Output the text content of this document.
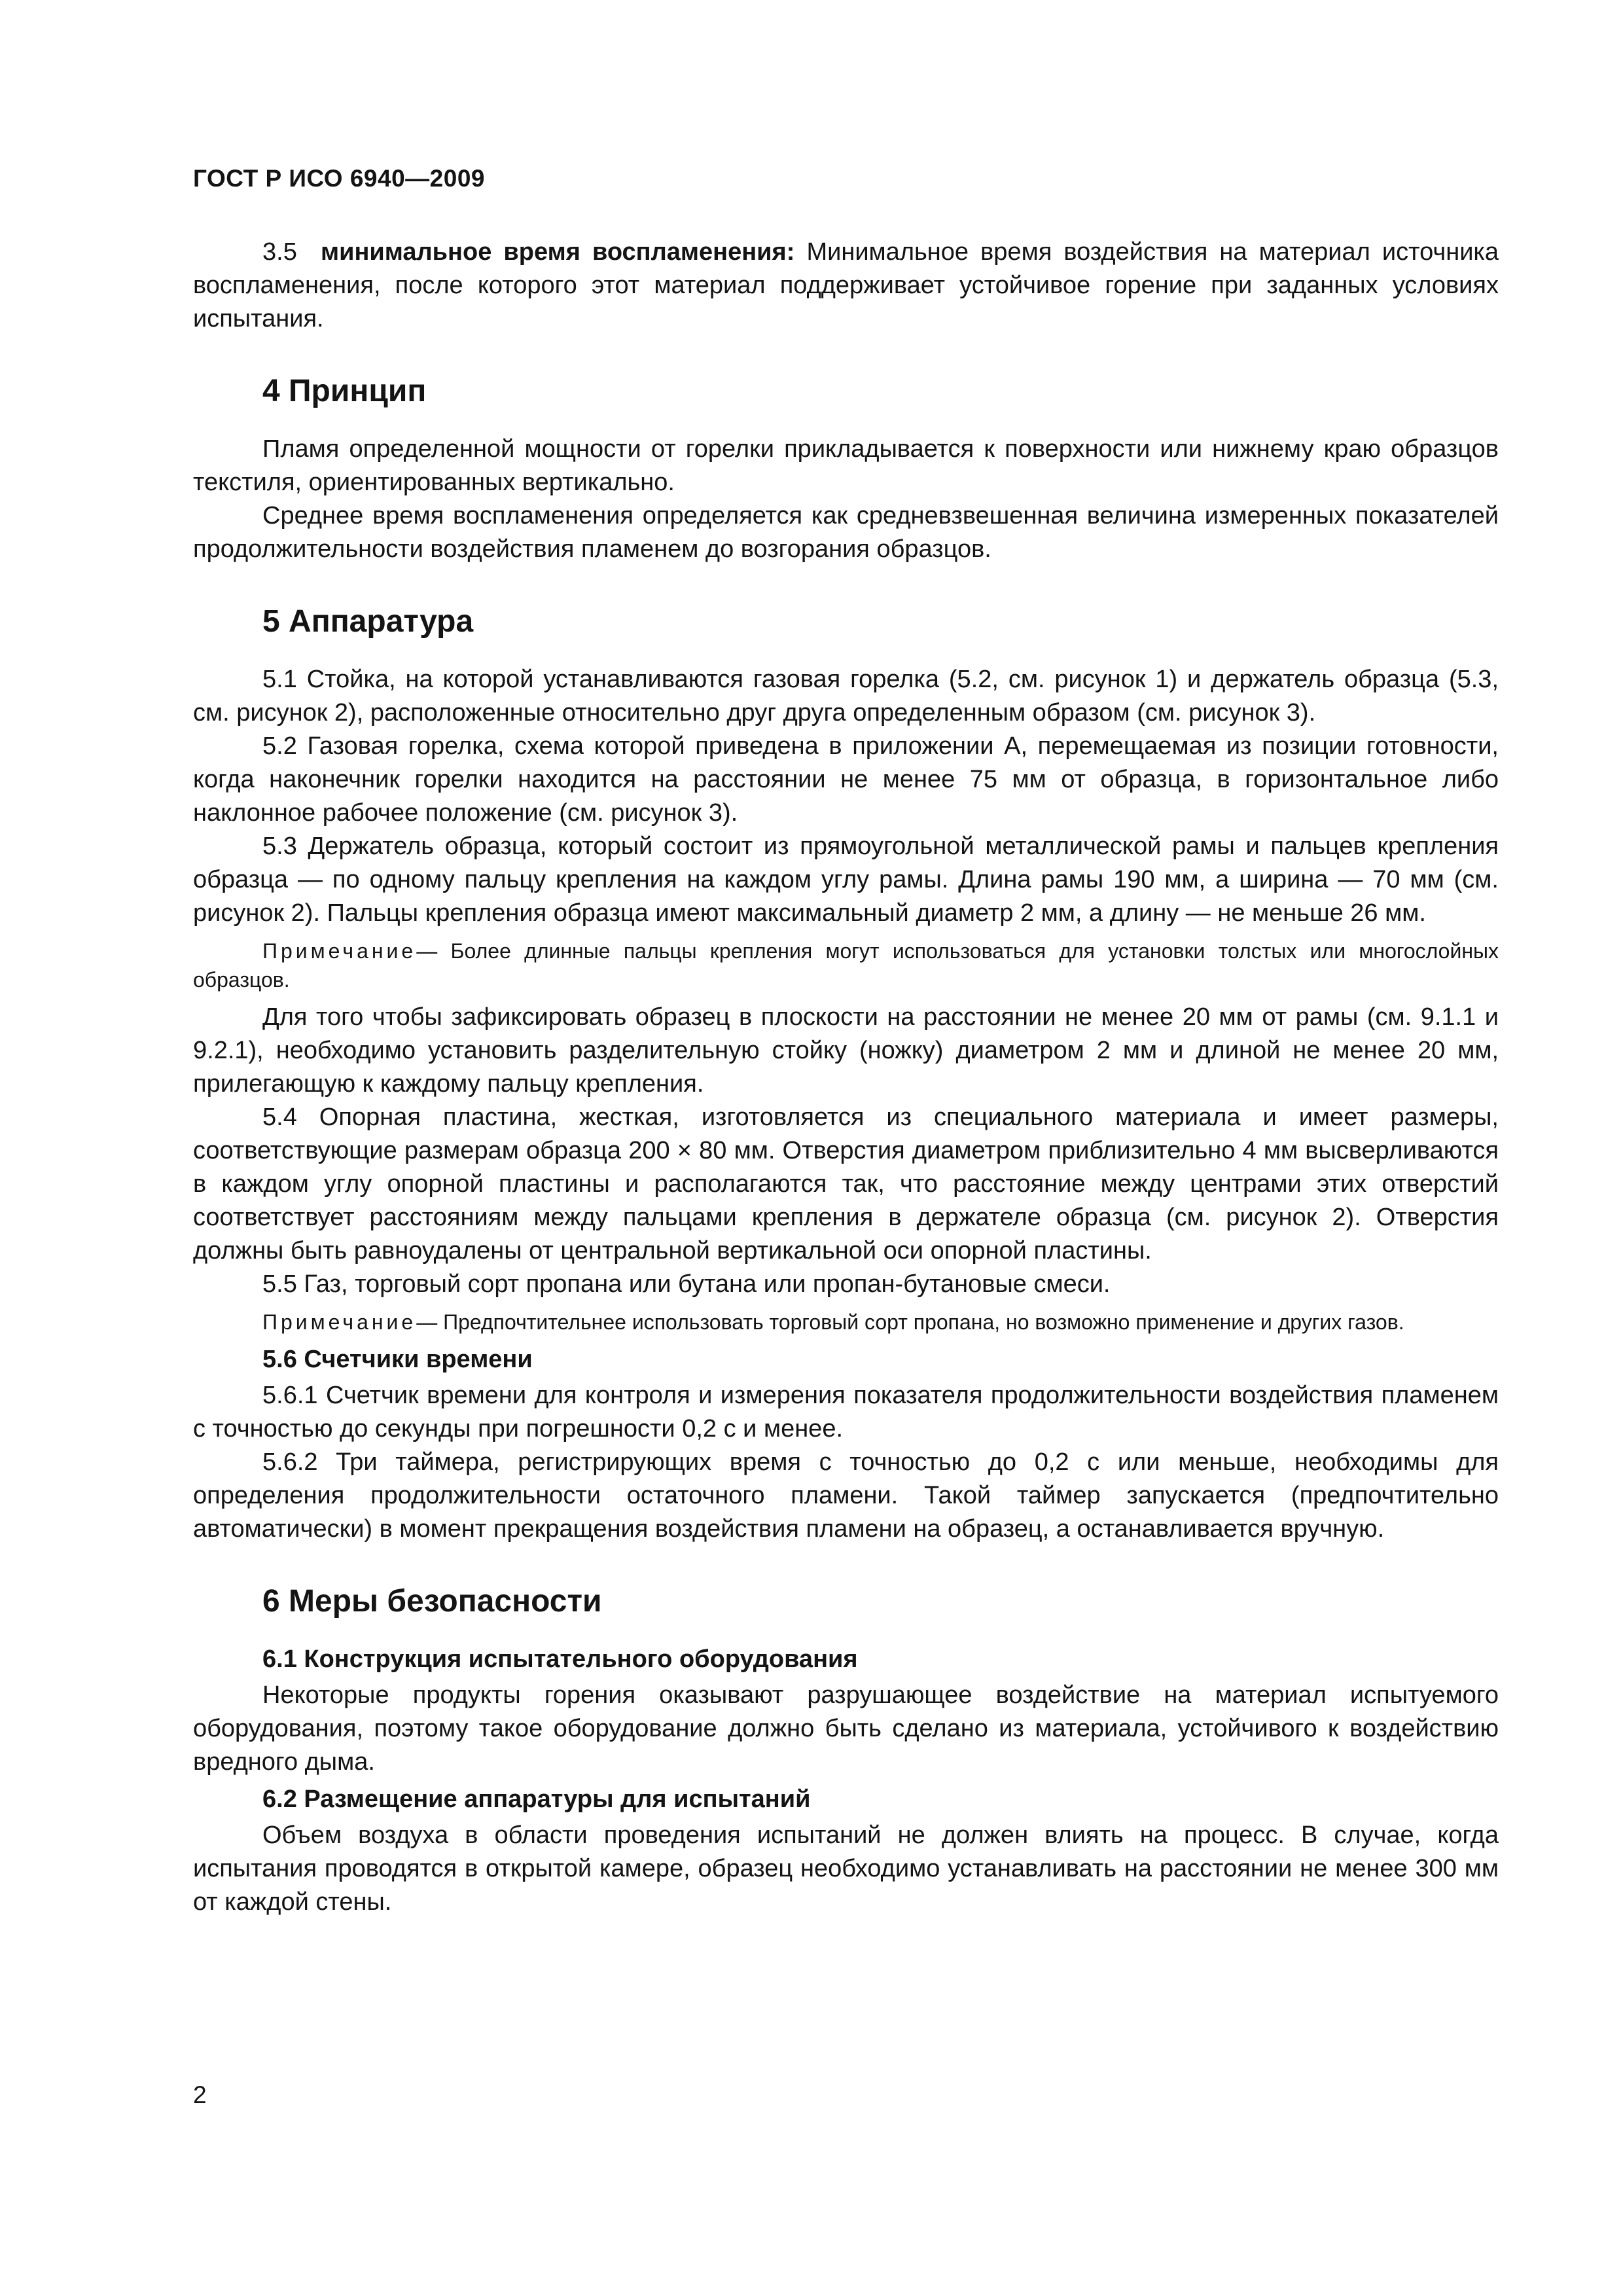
ГОСТ Р ИСО 6940—2009

3.5 минимальное время воспламенения: Минимальное время воздействия на материал источника воспламенения, после которого этот материал поддерживает устойчивое горение при заданных условиях испытания.

4 Принцип

Пламя определенной мощности от горелки прикладывается к поверхности или нижнему краю образцов текстиля, ориентированных вертикально.

Среднее время воспламенения определяется как средневзвешенная величина измеренных показателей продолжительности воздействия пламенем до возгорания образцов.

5 Аппаратура

5.1 Стойка, на которой устанавливаются газовая горелка (5.2, см. рисунок 1) и держатель образца (5.3, см. рисунок 2), расположенные относительно друг друга определенным образом (см. рисунок 3).

5.2 Газовая горелка, схема которой приведена в приложении А, перемещаемая из позиции готовности, когда наконечник горелки находится на расстоянии не менее 75 мм от образца, в горизонтальное либо наклонное рабочее положение (см. рисунок 3).

5.3 Держатель образца, который состоит из прямоугольной металлической рамы и пальцев крепления образца — по одному пальцу крепления на каждом углу рамы. Длина рамы 190 мм, а ширина — 70 мм (см. рисунок 2). Пальцы крепления образца имеют максимальный диаметр 2 мм, а длину — не меньше 26 мм.

Примечание— Более длинные пальцы крепления могут использоваться для установки толстых или многослойных образцов.

Для того чтобы зафиксировать образец в плоскости на расстоянии не менее 20 мм от рамы (см. 9.1.1 и 9.2.1), необходимо установить разделительную стойку (ножку) диаметром 2 мм и длиной не менее 20 мм, прилегающую к каждому пальцу крепления.

5.4 Опорная пластина, жесткая, изготовляется из специального материала и имеет размеры, соответствующие размерам образца 200 × 80 мм. Отверстия диаметром приблизительно 4 мм высверливаются в каждом углу опорной пластины и располагаются так, что расстояние между центрами этих отверстий соответствует расстояниям между пальцами крепления в держателе образца (см. рисунок 2). Отверстия должны быть равноудалены от центральной вертикальной оси опорной пластины.

5.5 Газ, торговый сорт пропана или бутана или пропан-бутановые смеси.

Примечание— Предпочтительнее использовать торговый сорт пропана, но возможно применение и других газов.
5.6 Счетчики времени

5.6.1 Счетчик времени для контроля и измерения показателя продолжительности воздействия пламенем с точностью до секунды при погрешности 0,2 с и менее.

5.6.2 Три таймера, регистрирующих время с точностью до 0,2 с или меньше, необходимы для определения продолжительности остаточного пламени. Такой таймер запускается (предпочтительно автоматически) в момент прекращения воздействия пламени на образец, а останавливается вручную.

6 Меры безопасности
6.1 Конструкция испытательного оборудования

Некоторые продукты горения оказывают разрушающее воздействие на материал испытуемого оборудования, поэтому такое оборудование должно быть сделано из материала, устойчивого к воздействию вредного дыма.

6.2 Размещение аппаратуры для испытаний

Объем воздуха в области проведения испытаний не должен влиять на процесс. В случае, когда испытания проводятся в открытой камере, образец необходимо устанавливать на расстоянии не менее 300 мм от каждой стены.

2
